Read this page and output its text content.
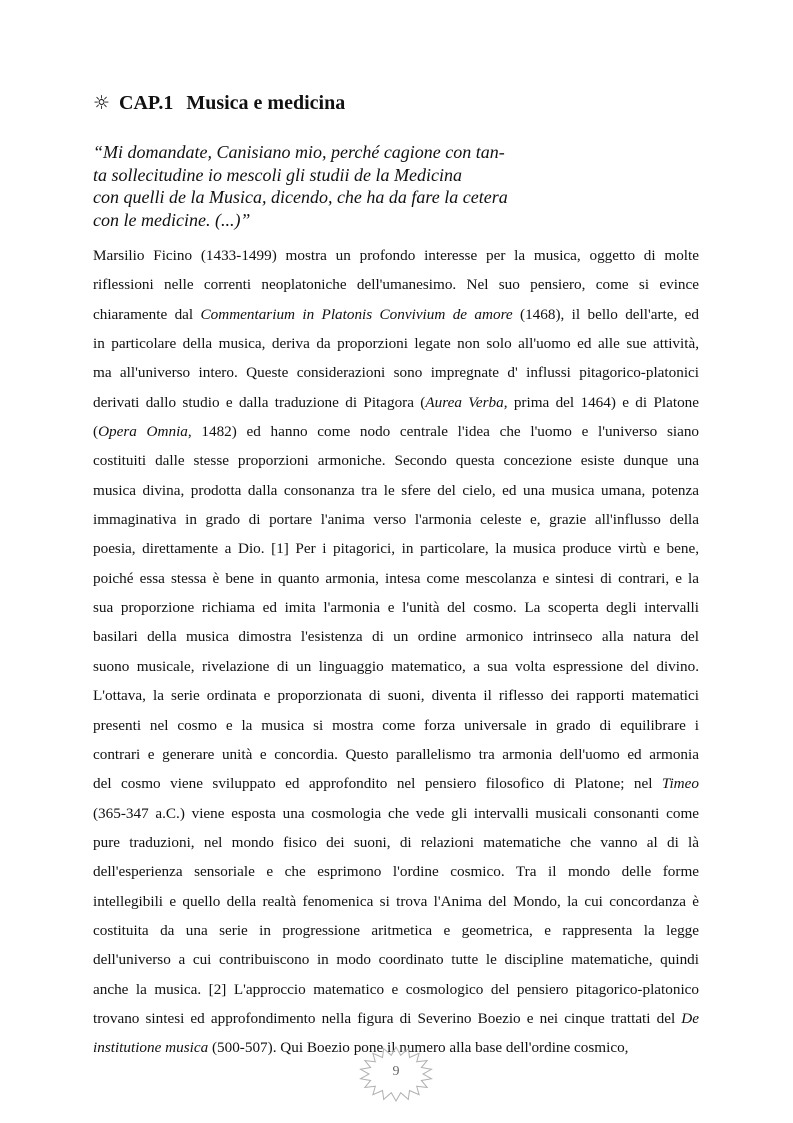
☼ CAP.1 Musica e medicina
“Mi domandate, Canisiano mio, perché cagione con tan-
ta sollecitudine io mescoli gli studii de la Medicina
con quelli de la Musica, dicendo, che ha da fare la cetera
con le medicine. (...)”
Marsilio Ficino (1433-1499) mostra un profondo interesse per la musica, oggetto di molte
riflessioni nelle correnti neoplatoniche dell'umanesimo. Nel suo pensiero, come si evince
chiaramente dal Commentarium in Platonis Convivium de amore (1468), il bello dell'arte, ed
in particolare della musica, deriva da proporzioni legate non solo all'uomo ed alle sue attività,
ma all'universo intero. Queste considerazioni sono impregnate d' influssi pitagorico-platonici
derivati dallo studio e dalla traduzione di Pitagora (Aurea Verba, prima del 1464) e di Platone
(Opera Omnia, 1482) ed hanno come nodo centrale l'idea che l'uomo e l'universo siano
costituiti dalle stesse proporzioni armoniche. Secondo questa concezione esiste dunque una
musica divina, prodotta dalla consonanza tra le sfere del cielo, ed una musica umana, potenza
immaginativa in grado di portare l'anima verso l'armonia celeste e, grazie all'influsso della
poesia, direttamente a Dio. [1] Per i pitagorici, in particolare, la musica produce virtù e bene,
poiché essa stessa è bene in quanto armonia, intesa come mescolanza e sintesi di contrari, e la
sua proporzione richiama ed imita l'armonia e l'unità del cosmo. La scoperta degli intervalli
basilari della musica dimostra l'esistenza di un ordine armonico intrinseco alla natura del
suono musicale, rivelazione di un linguaggio matematico, a sua volta espressione del divino.
L'ottava, la serie ordinata e proporzionata di suoni, diventa il riflesso dei rapporti matematici
presenti nel cosmo e la musica si mostra come forza universale in grado di equilibrare i
contrari e generare unità e concordia. Questo parallelismo tra armonia dell'uomo ed armonia
del cosmo viene sviluppato ed approfondito nel pensiero filosofico di Platone; nel Timeo
(365-347 a.C.) viene esposta una cosmologia che vede gli intervalli musicali consonanti come
pure traduzioni, nel mondo fisico dei suoni, di relazioni matematiche che vanno al di là
dell'esperienza sensoriale e che esprimono l'ordine cosmico. Tra il mondo delle forme
intellegibili e quello della realtà fenomenica si trova l'Anima del Mondo, la cui concordanza è
costituita da una serie in progressione aritmetica e geometrica, e rappresenta la legge
dell'universo a cui contribuiscono in modo coordinato tutte le discipline matematiche, quindi
anche la musica. [2] L'approccio matematico e cosmologico del pensiero pitagorico-platonico
trovano sintesi ed approfondimento nella figura di Severino Boezio e nei cinque trattati del De
institutione musica (500-507). Qui Boezio pone il numero alla base dell'ordine cosmico,
9
